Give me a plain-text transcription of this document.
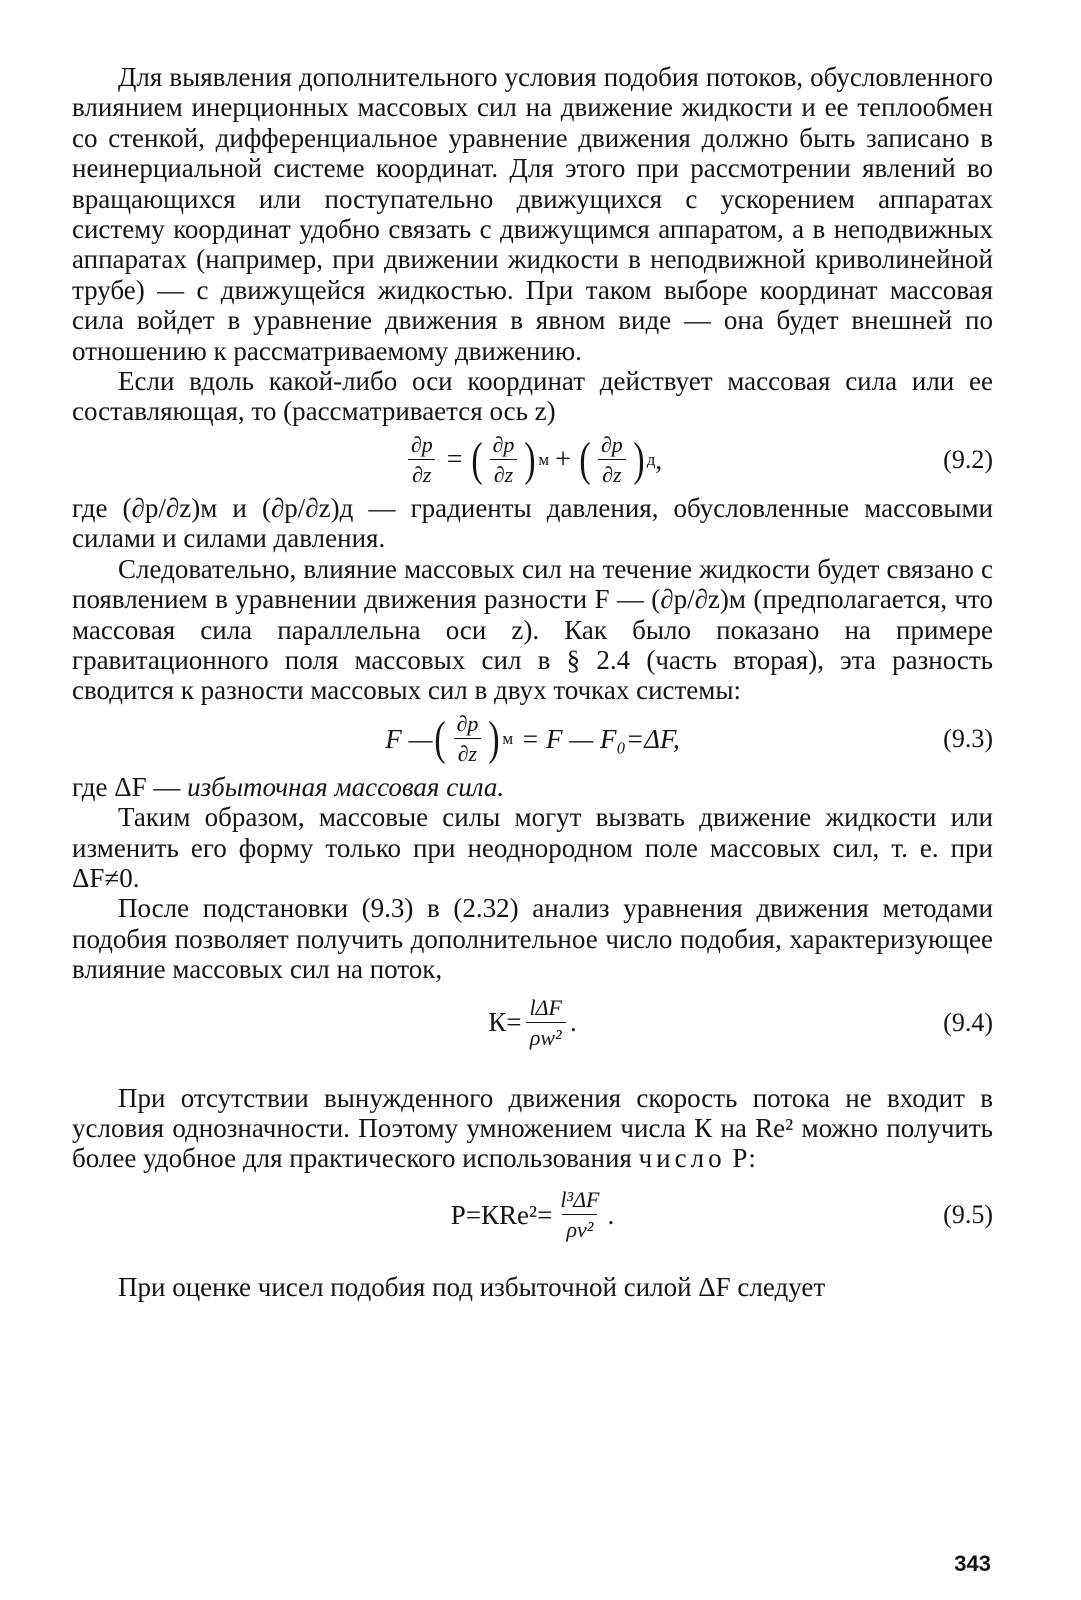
Для выявления дополнительного условия подобия потоков, обусловленного влиянием инерционных массовых сил на движение жидкости и ее теплообмен со стенкой, дифференциальное уравнение движения должно быть записано в неинерциальной системе координат. Для этого при рассмотрении явлений во вращающихся или поступательно движущихся с ускорением аппаратах систему координат удобно связать с движущимся аппаратом, а в неподвижных аппаратах (например, при движении жидкости в неподвижной криволинейной трубе) — с движущейся жидкостью. При таком выборе координат массовая сила войдет в уравнение движения в явном виде — она будет внешней по отношению к рассматриваемому движению.

Если вдоль какой-либо оси координат действует массовая сила или ее составляющая, то (рассматривается ось z)

$\frac{\partial p}{\partial z}$ = ( $\frac{\partial p}{\partial z}$ ) м + ( $\frac{\partial p}{\partial z}$ ) д ,	(9.2)

где (∂p/∂z)м и (∂p/∂z)д — градиенты давления, обусловленные массовыми силами и силами давления.

Следовательно, влияние массовых сил на течение жидкости будет связано с появлением в уравнении движения разности F — (∂p/∂z)м (предполагается, что массовая сила параллельна оси z). Как было показано на примере гравитационного поля массовых сил в § 2.4 (часть вторая), эта разность сводится к разности массовых сил в двух точках системы:

F — ( $\frac{\partial p}{\partial z}$ ) м = F — F₀=ΔF,	(9.3)

где ΔF — избыточная массовая сила.

Таким образом, массовые силы могут вызвать движение жидкости или изменить его форму только при неоднородном поле массовых сил, т. е. при ΔF≠0.

После подстановки (9.3) в (2.32) анализ уравнения движения методами подобия позволяет получить дополнительное число подобия, характеризующее влияние массовых сил на поток,

$К= \frac{\text{lΔF}}{\text{ρw²}}$ .	(9.4)

При отсутствии вынужденного движения скорость потока не входит в условия однозначности. Поэтому умножением числа К на Re² можно получить более удобное для практического использования число Р:

$Р=КRe^2= \frac{\text{l³ΔF}}{\text{ρν²}}$ .	(9.5)

При оценке чисел подобия под избыточной силой ΔF следует

343
